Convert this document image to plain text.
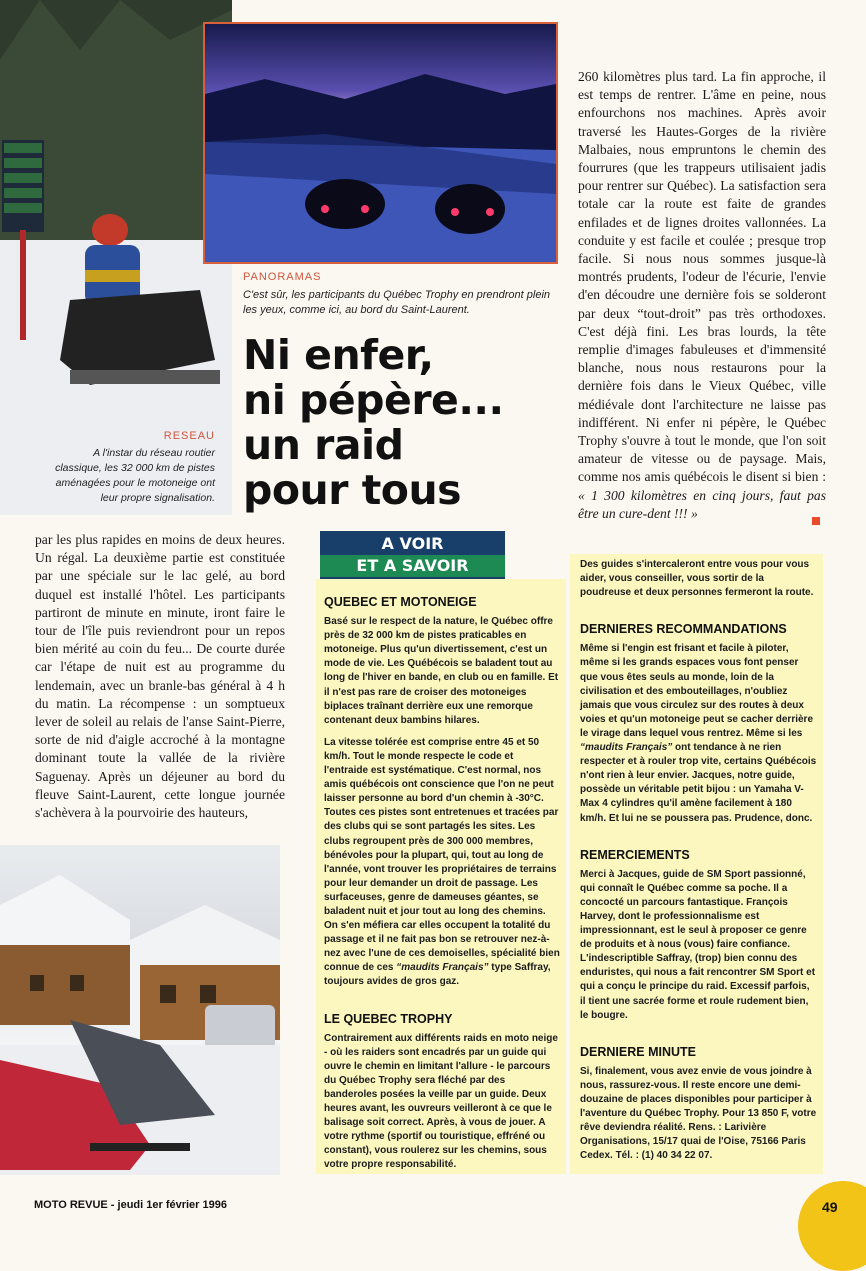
PANORAMAS
C'est sûr, les participants du Québec Trophy en prendront plein les yeux, comme ici, au bord du Saint-Laurent.
RESEAU
A l'instar du réseau routier classique, les 32 000 km de pistes aménagées pour le motoneige ont leur propre signalisation.
Ni enfer,
ni pépère...
un raid
pour tous
260 kilomètres plus tard. La fin approche, il est temps de rentrer. L'âme en peine, nous enfourchons nos machines. Après avoir traversé les Hautes-Gorges de la rivière Malbaies, nous empruntons le chemin des fourrures (que les trappeurs utilisaient jadis pour rentrer sur Québec). La satisfaction sera totale car la route est faite de grandes enfilades et de lignes droites vallonnées. La conduite y est facile et coulée ; presque trop facile. Si nous nous sommes jusque-là montrés prudents, l'odeur de l'écurie, l'envie d'en découdre une dernière fois se solderont par deux “tout-droit” pas très orthodoxes. C'est déjà fini. Les bras lourds, la tête remplie d'images fabuleuses et d'immensité blanche, nous nous restaurons pour la dernière fois dans le Vieux Québec, ville médiévale dont l'architecture ne laisse pas indifférent. Ni enfer ni pépère, le Québec Trophy s'ouvre à tout le monde, que l'on soit amateur de vitesse ou de paysage. Mais, comme nos amis québécois le disent si bien : « 1 300 kilomètres en cinq jours, faut pas être un cure-dent !!! »
par les plus rapides en moins de deux heures. Un régal. La deuxième partie est constituée par une spéciale sur le lac gelé, au bord duquel est installé l'hôtel. Les participants partiront de minute en minute, iront faire le tour de l'île puis reviendront pour un repos bien mérité au coin du feu... De courte durée car l'étape de nuit est au programme du lendemain, avec un branle-bas général à 4 h du matin. La récompense : un somptueux lever de soleil au relais de l'anse Saint-Pierre, sorte de nid d'aigle accroché à la montagne dominant toute la vallée de la rivière Saguenay. Après un déjeuner au bord du fleuve Saint-Laurent, cette longue journée s'achèvera à la pourvoirie des hauteurs,
A VOIR
ET A SAVOIR
QUEBEC ET MOTONEIGE

Basé sur le respect de la nature, le Québec offre près de 32 000 km de pistes praticables en motoneige. Plus qu'un divertissement, c'est un mode de vie. Les Québécois se baladent tout au long de l'hiver en bande, en club ou en famille. Et il n'est pas rare de croiser des motoneiges biplaces traînant derrière eux une remorque contenant deux bambins hilares.

La vitesse tolérée est comprise entre 45 et 50 km/h. Tout le monde respecte le code et l'entraide est systématique. C'est normal, nos amis québécois ont conscience que l'on ne peut laisser personne au bord d'un chemin à -30°C. Toutes ces pistes sont entretenues et tracées par des clubs qui se sont partagés les sites. Les clubs regroupent près de 300 000 membres, bénévoles pour la plupart, qui, tout au long de l'année, vont trouver les propriétaires de terrains pour leur demander un droit de passage. Les surfaceuses, genre de dameuses géantes, se baladent nuit et jour tout au long des chemins. On s'en méfiera car elles occupent la totalité du passage et il ne fait pas bon se retrouver nez-à-nez avec l'une de ces demoiselles, spécialité bien connue de ces “maudits Français” type Saffray, toujours avides de gros gaz.

LE QUEBEC TROPHY

Contrairement aux différents raids en moto neige - où les raiders sont encadrés par un guide qui ouvre le chemin en limitant l'allure - le parcours du Québec Trophy sera fléché par des banderoles posées la veille par un guide. Deux heures avant, les ouvreurs veilleront à ce que le balisage soit correct. Après, à vous de jouer. A votre rythme (sportif ou touristique, effréné ou constant), vous roulerez sur les chemins, sous votre propre responsabilité.

Des guides s'intercaleront entre vous pour vous aider, vous conseiller, vous sortir de la poudreuse et deux personnes fermeront la route.

DERNIERES RECOMMANDATIONS

Même si l'engin est frisant et facile à piloter, même si les grands espaces vous font penser que vous êtes seuls au monde, loin de la civilisation et des embouteillages, n'oubliez jamais que vous circulez sur des routes à deux voies et qu'un motoneige peut se cacher derrière le virage dans lequel vous rentrez. Même si les “maudits Français” ont tendance à ne rien respecter et à rouler trop vite, certains Québécois n'ont rien à leur envier. Jacques, notre guide, possède un véritable petit bijou : un Yamaha V-Max 4 cylindres qu'il amène facilement à 180 km/h. Et lui ne se poussera pas. Prudence, donc.

REMERCIEMENTS

Merci à Jacques, guide de SM Sport passionné, qui connaît le Québec comme sa poche. Il a concocté un parcours fantastique. François Harvey, dont le professionnalisme est impressionnant, est le seul à proposer ce genre de produits et à nous (vous) faire confiance. L'indescriptible Saffray, (trop) bien connu des enduristes, qui nous a fait rencontrer SM Sport et qui a conçu le principe du raid. Excessif parfois, il tient une sacrée forme et roule rudement bien, le bougre.

DERNIERE MINUTE

Si, finalement, vous avez envie de vous joindre à nous, rassurez-vous. Il reste encore une demi-douzaine de places disponibles pour participer à l'aventure du Québec Trophy. Pour 13 850 F, votre rêve deviendra réalité. Rens. : Larivière Organisations, 15/17 quai de l'Oise, 75166 Paris Cedex. Tél. : (1) 40 34 22 07.

MOTO REVUE - jeudi 1er février 1996	49
